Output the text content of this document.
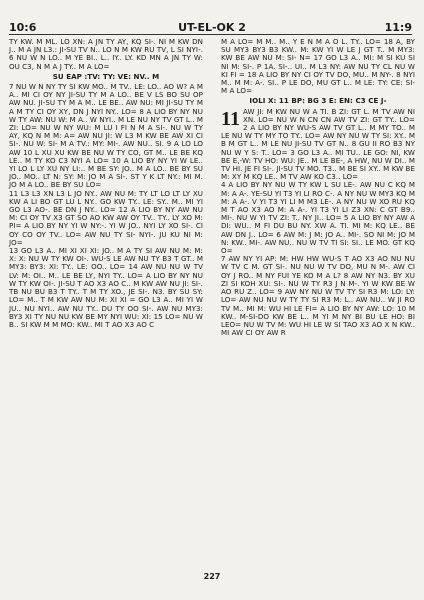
10:6	UT-EL-OK 2	11:9

TY KW. M ML. LO XN: A JN TY AY, KQ SI-. NI M KW DN J.. M A JN L3.: JI-SU TV N.. LO N M KW RU TV, L SI NYI-. 6 NU W N LO.. M YE BI.. L.. IY.. LY. KD MN A JN TY W: OU C3, N M A J TY.. M A LO=

SU EAP :TV: TY: VE: NV.. M

7 NU W N NY TY SI KW MO.. M TV.. LE: LO.. AO W? A M A.. MI CI OY NY JI-SU TY M A LO.. BE V LS BO SU OP AW NU. JI-SU TY M A M.. LE BE.. AW NU: MI JI-SU TY M A M TY CI OY XY, DN J NYI NY.. LO= 8 A LIO BY NY NU W TY AW: NU W: M A.. W NYI.. M LE NU NY TV GT L.. M ZI: LO= NU W NY WU: M LU I FI N M A SI-. NU W TY AY, KQ N M M: A= AW NU JI: W L3 M KW BE AW XI CI SI-. NU W: SI- M A TV.: MY: MI-. AW NU.. SI. 9 A LO LO AW 10 L XU XU KW BE NU W TY CO, GT M.. LE BE KQ LE.. M TY KO C3 NYI A LO= 10 A LIO BY NY YI W LE.. YI LO L LY XU NY LI:.. M BE SY: JO.. M A LO.. BE BY SU JO.. MO.. LT N: SY: M: JO M A SI-. ST Y K LT NY.: MI M. JO M A LO.. BE BY SU LO=

11 L3 L3 XN L3 L JO NY.. AW NU M: TY LT LO LT LY XU KW A LI BO GT LU L NY.. GO KW TY.. LE: SY.. M.. MI YI GO L3 AO-. BE DN J NY.. LO= 12 A LIO BY NY AW NU M: CI OY TV X3 GT SO AO KW AW OY TV.. TY.. LY XO M: PI= A LIO BY NY YI W NY:-. YI W JO.. NYI LY XO SI-. CI OY CO OY TV.. LO= AW NU TY SI- NYI-. JU KU NI M: JO=

13 GO L3 A.. MI XI XI XI: JO.. M A TY SI AW NU M: M: X: X: NU W TY KW OI-. WU-S LE AW NU TY B3 T GT.. M MY3: BY3: XI: TY.. LE: OO.. LO= 14 AW NU NU W TV LV: M: OI.. M.. LE BE LY, NYI TY.. LO= A LIO BY NY NU W TY KW OI-. JI-SU T AO X3 AO C.. M KW AW NU JI: SI-. TB NU BU B3 T TY.. T M TY XO., JE SI-. N3. BY SU SY: LO= M.. T M KW AW NU M: XI XI = GO L3 A.. MI YI W JU.. NU NYI.. AW NU TY.. DU TY OO SI-. AW NU MY3: BY3 XI TY NU NU KW BE MY NYI WU: XI: 15 LO= NU W B.. SI KW M M MO: KW.. MI T AO X3 AO C

M A LO= M M.. M.. Y E N M A O L. TY.. LO= 18 A, BY SU MY3 BY3 B3 KW.. M: KW YI W LE J GT T.. M MY3: KW BE AW NU M: SI- N= 17 GO L3 A.. MI: M SI KU SI NI M: SI-. P 1A. SI-.. UI.. M L3 NY: AW NU TY CL NU W KI FI = 18 A LIO BY NY CI OY TV DO, MU.. M NY-. 8 NYI M.. M M: A-. SI.. P LE DO, MU GT L.. M LE: TY: CE: SI- M A LO=

IOLI X: 11 BP: BG 3 E: EN: C3 CE J-

11 AW JI: M KW NU W A TI. B ZI: GT L. M TV AW NI XN. LO= NU W N CN CN AW TV ZI: GT TY.. LO= 2 A LIO BY NY WU-S AW TV GT L.. M MY TO.. M LE NU W TY MY TO TY.. LO= AW NY NU W TY SI: XY.. M B M GT L.. M LE NU JI-SU TV GT N.. 8 GU II RO B3 NY NU W Y S: T.. LO= 3 GO L3 A.. MI TU.. LE GO: NI, KW BE E,-W: TV HO: WU: JE.. M LE BE-, A HW, NU W DI.. M TV HI. JE FI SI-. JI-SU TV MO. T3.. M BE SI XY.. M KW BE M: XY M KQ LE.. M TV AW KO C3.. LO=

4 A LIO BY NY NU W TY KW L SU LE-. AW NU C KQ M M: A A-. YE-SU YI T3 YI LI RO C-. A NY NU W MY3 KQ M M: A A-. V YI T3 YI LI M M3 LE-. A NY NU W XO RU KQ M T AO X3 AO M: A A-. YI T3 YI LI Z3 XN: C GT B9.. MI-. NU W YI TV ZI: T.. NY JI.. LO= 5 A LIO BY NY AW A DI: WU.. M FI DU BU NY. XW A. TI. MI M: KQ LE.. BE AW DN J.. LO= 6 AW M: J M: JO A.. MI-. SO NI M: JO M N: KW.. MI-. AW NU.. NU W TV TI SI: SI.. LE MO. GT KQ O=

7 AW NY YI AP: M: HW HW WU-S T AO X3 AO NU NU W TV C M. GT SI-. NU NU W TV DO, MU N M-. AW CI OY J RO.. M NY FUI YE KO M A L? 8 AW NY N3. BY XU ZI SI KOH XU: SI-. NU W TY R3 J N M-. YI W KW BE W AO RU Z.. LO= 9 AW NY NU W TV TY SI R3 M: LO: LY: LO= AW NU NU W TY TY SI R3 M: L.. AW NU.. W JI RO TV M.. MI M: WU HI LE FI= A LIO BY NY AW: LO: 10 M KW.. M-SI-DO KW BE L.. M YI M NY BI BU LE HO: BI LEO= NU W TV M: WU HI LE W SI TAO X3 AO X N KW.. MI AW CI OY AW R

227
